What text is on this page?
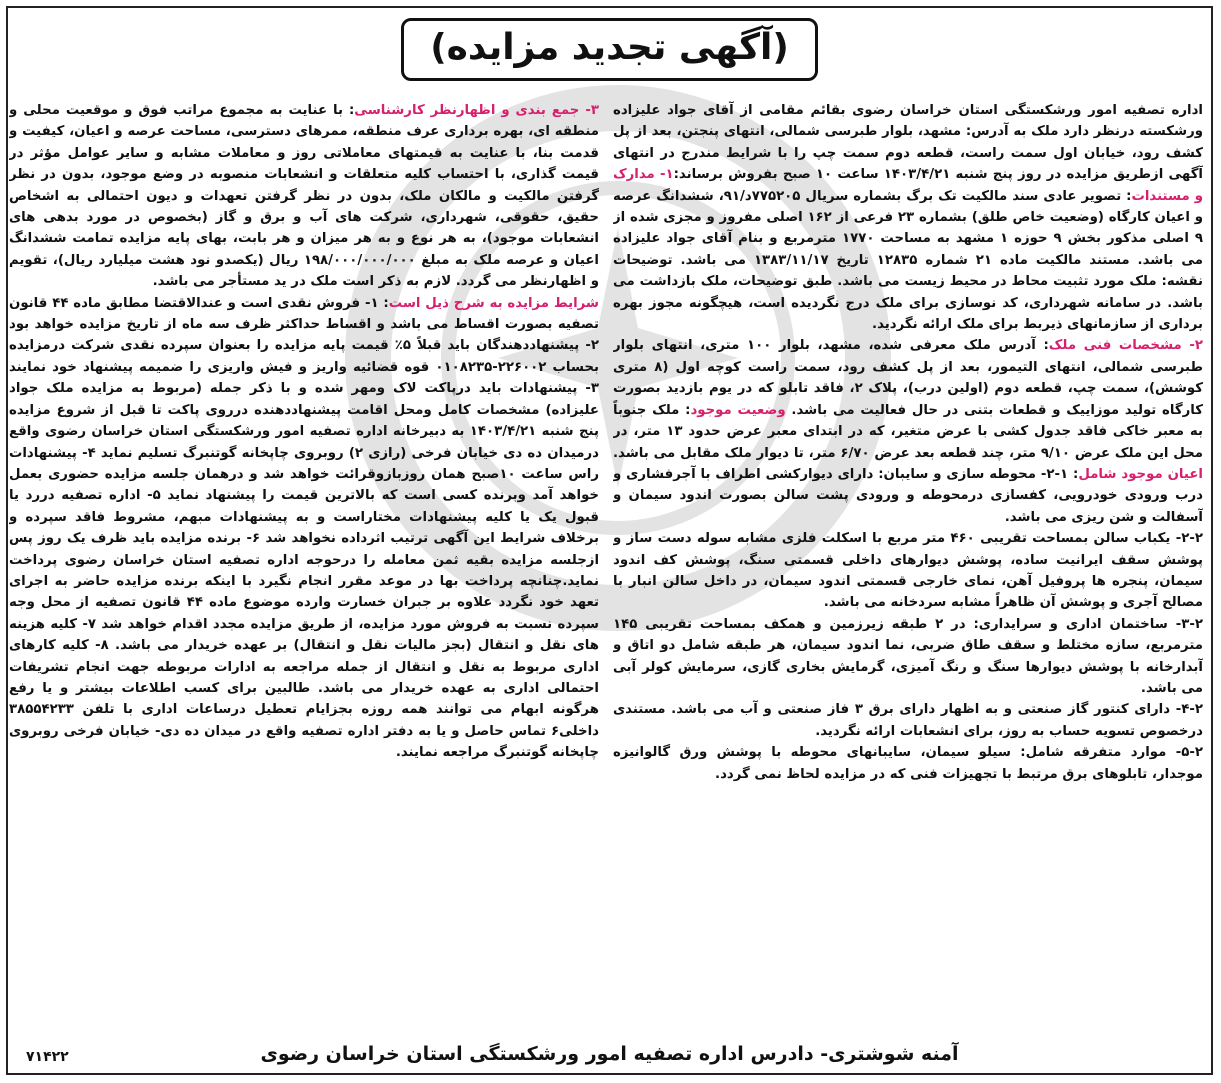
(آگهی تجدید مزایده)

اداره تصفیه امور ورشکستگی استان خراسان رضوی بقائم مقامی از آقای جواد علیزاده ورشکسته درنظر دارد ملک به آدرس: مشهد، بلوار طبرسی شمالی، انتهای پنجتن، بعد از پل کشف رود، خیابان اول سمت راست، قطعه دوم سمت چپ را با شرایط مندرج در انتهای آگهی ازطریق مزایده در روز پنج شنبه ۱۴۰۳/۴/۲۱ ساعت ۱۰ صبح بفروش برساند:۱- مدارک و مستندات: تصویر عادی سند مالکیت تک برگ بشماره سریال ۷۷۵۲۰۵د/۹۱، ششدانگ عرصه و اعیان کارگاه (وضعیت خاص طلق) بشماره ۲۳ فرعی از ۱۶۲ اصلی مفروز و مجزی شده از ۹ اصلی مذکور بخش ۹ حوزه ۱ مشهد به مساحت ۱۷۷۰ مترمربع و بنام آقای جواد علیزاده می باشد. مستند مالکیت ماده ۲۱ شماره ۱۲۸۳۵ تاریخ ۱۳۸۳/۱۱/۱۷ می باشد. توضیحات نقشه: ملک مورد تثبیت محاط در محیط زیست می باشد. طبق توضیحات، ملک بازداشت می باشد. در سامانه شهرداری، کد نوسازی برای ملک درج نگردیده است، هیچگونه مجوز بهره برداری از سازمانهای ذیربط برای ملک ارائه نگردید.

۲- مشخصات فنی ملک: آدرس ملک معرفی شده، مشهد، بلوار ۱۰۰ متری، انتهای بلوار طبرسی شمالی، انتهای التیمور، بعد از پل کشف رود، سمت راست کوچه اول (۸ متری کوشش)، سمت چپ، قطعه دوم (اولین درب)، پلاک ۲، فاقد تابلو که در یوم بازدید بصورت کارگاه تولید موزاییک و قطعات بتنی در حال فعالیت می باشد. وضعیت موجود: ملک جنوباً به معبر خاکی فاقد جدول کشی با عرض متغیر، که در ابتدای معبر عرض حدود ۱۳ متر، در محل این ملک عرض ۹/۱۰ متر، چند قطعه بعد عرض ۶/۷۰ متر، تا دیوار ملک مقابل می باشد. اعیان موجود شامل: ۱-۲- محوطه سازی و سایبان: دارای دیوارکشی اطراف با آجرفشاری و درب ورودی خودرویی، کفسازی درمحوطه و ورودی پشت سالن بصورت اندود سیمان و آسفالت و شن ریزی می باشد.

۲-۲- یکباب سالن بمساحت تقریبی ۴۶۰ متر مربع با اسکلت فلزی مشابه سوله دست ساز و پوشش سقف ایرانیت ساده، پوشش دیوارهای داخلی قسمتی سنگ، پوشش کف اندود سیمان، پنجره ها پروفیل آهن، نمای خارجی قسمتی اندود سیمان، در داخل سالن انبار با مصالح آجری و پوشش آن ظاهراً مشابه سردخانه می باشد.

۳-۲- ساختمان اداری و سرایداری: در ۲ طبقه زیرزمین و همکف بمساحت تقریبی ۱۴۵ مترمربع، سازه مختلط و سقف طاق ضربی، نما اندود سیمان، هر طبقه شامل دو اتاق و آبدارخانه با پوشش دیوارها سنگ و رنگ آمیزی، گرمایش بخاری گازی، سرمایش کولر آبی می باشد.

۴-۲- دارای کنتور گاز صنعتی و به اظهار دارای برق ۳ فاز صنعتی و آب می باشد. مستندی درخصوص تسویه حساب به روز، برای انشعابات ارائه نگردید.

۵-۲- موارد متفرقه شامل: سیلو سیمان، سایبانهای محوطه با پوشش ورق گالوانیزه موجدار، تابلوهای برق مرتبط با تجهیزات فنی که در مزایده لحاظ نمی گردد.

۳- جمع بندی و اظهارنظر کارشناسی: با عنایت به مجموع مراتب فوق و موقعیت محلی و منطقه ای، بهره برداری عرف منطقه، ممرهای دسترسی، مساحت عرصه و اعیان، کیفیت و قدمت بنا، با عنایت به قیمتهای معاملاتی روز و معاملات مشابه و سایر عوامل مؤثر در قیمت گذاری، با احتساب کلیه متعلقات و انشعابات منصوبه در وضع موجود، بدون در نظر گرفتن مالکیت و مالکان ملک، بدون در نظر گرفتن تعهدات و دیون احتمالی به اشخاص حقیق، حقوقی، شهرداری، شرکت های آب و برق و گاز (بخصوص در مورد بدهی های انشعابات موجود)، به هر نوع و به هر میزان و هر بابت، بهای پایه مزایده تمامت ششدانگ اعیان و عرصه ملک به مبلغ ۱۹۸/۰۰۰/۰۰۰/۰۰۰ ریال (یکصدو نود هشت میلیارد ریال)، تقویم و اظهارنظر می گردد. لازم به ذکر است ملک در ید مستأجر می باشد.

شرایط مزایده به شرح ذیل است: ۱- فروش نقدی است و عندالاقتضا مطابق ماده ۴۴ قانون تصفیه بصورت اقساط می باشد و اقساط حداکثر ظرف سه ماه از تاریخ مزایده خواهد بود ۲- پیشنهاددهندگان باید قبلاً ۵٪ قیمت پایه مزایده را بعنوان سپرده نقدی شرکت درمزایده بحساب ۲۲۶۰۰۲-۰۱۰۸۲۳۵ قوه قضائیه واریز و فیش واریزی را ضمیمه پیشنهاد خود نمایند ۳- پیشنهادات باید درپاکت لاک ومهر شده و با ذکر جمله (مربوط به مزایده ملک جواد علیزاده) مشخصات کامل ومحل اقامت پیشنهاددهنده درروی پاکت تا قبل از شروع مزایده پنج شنبه ۱۴۰۳/۴/۲۱ به دبیرخانه اداره تصفیه امور ورشکستگی استان خراسان رضوی واقع درمیدان ده دی خیابان فرخی (رازی ۲) روبروی چاپخانه گوتنبرگ تسلیم نماید ۴- پیشنهادات راس ساعت ۱۰صبح همان روزبازوقرائت خواهد شد و درهمان جلسه مزایده حضوری بعمل خواهد آمد وبرنده کسی است که بالاترین قیمت را پیشنهاد نماید ۵- اداره تصفیه دررد یا قبول یک یا کلیه پیشنهادات مختاراست و به پیشنهادات مبهم، مشروط فاقد سپرده و برخلاف شرایط این آگهی ترتیب اثرداده نخواهد شد ۶- برنده مزایده باید ظرف یک روز پس ازجلسه مزایده بقیه ثمن معامله را درحوجه اداره تصفیه استان خراسان رضوی پرداخت نماید.چنانچه پرداخت بها در موعد مقرر انجام نگیرد با اینکه برنده مزایده حاضر به اجرای تعهد خود نگردد علاوه بر جبران خسارت وارده موضوع ماده ۴۴ قانون تصفیه از محل وجه سپرده نسبت به فروش مورد مزایده، از طریق مزایده مجدد اقدام خواهد شد ۷- کلیه هزینه های نقل و انتقال (بجز مالیات نقل و انتقال) بر عهده خریدار می باشد. ۸- کلیه کارهای اداری مربوط به نقل و انتقال از جمله مراجعه به ادارات مربوطه جهت انجام تشریفات احتمالی اداری به عهده خریدار می باشد. طالبین برای کسب اطلاعات بیشتر و یا رفع هرگونه ابهام می توانند همه روزه بجزایام تعطیل درساعات اداری با تلفن ۳۸۵۵۴۲۳۳ داخلی۶ تماس حاصل و یا به دفتر اداره تصفیه واقع در میدان ده دی- خیابان فرخی روبروی چاپخانه گوتنبرگ مراجعه نمایند.

آمنه شوشتری- دادرس اداره تصفیه امور ورشکستگی استان خراسان رضوی
۷۱۴۲۲
